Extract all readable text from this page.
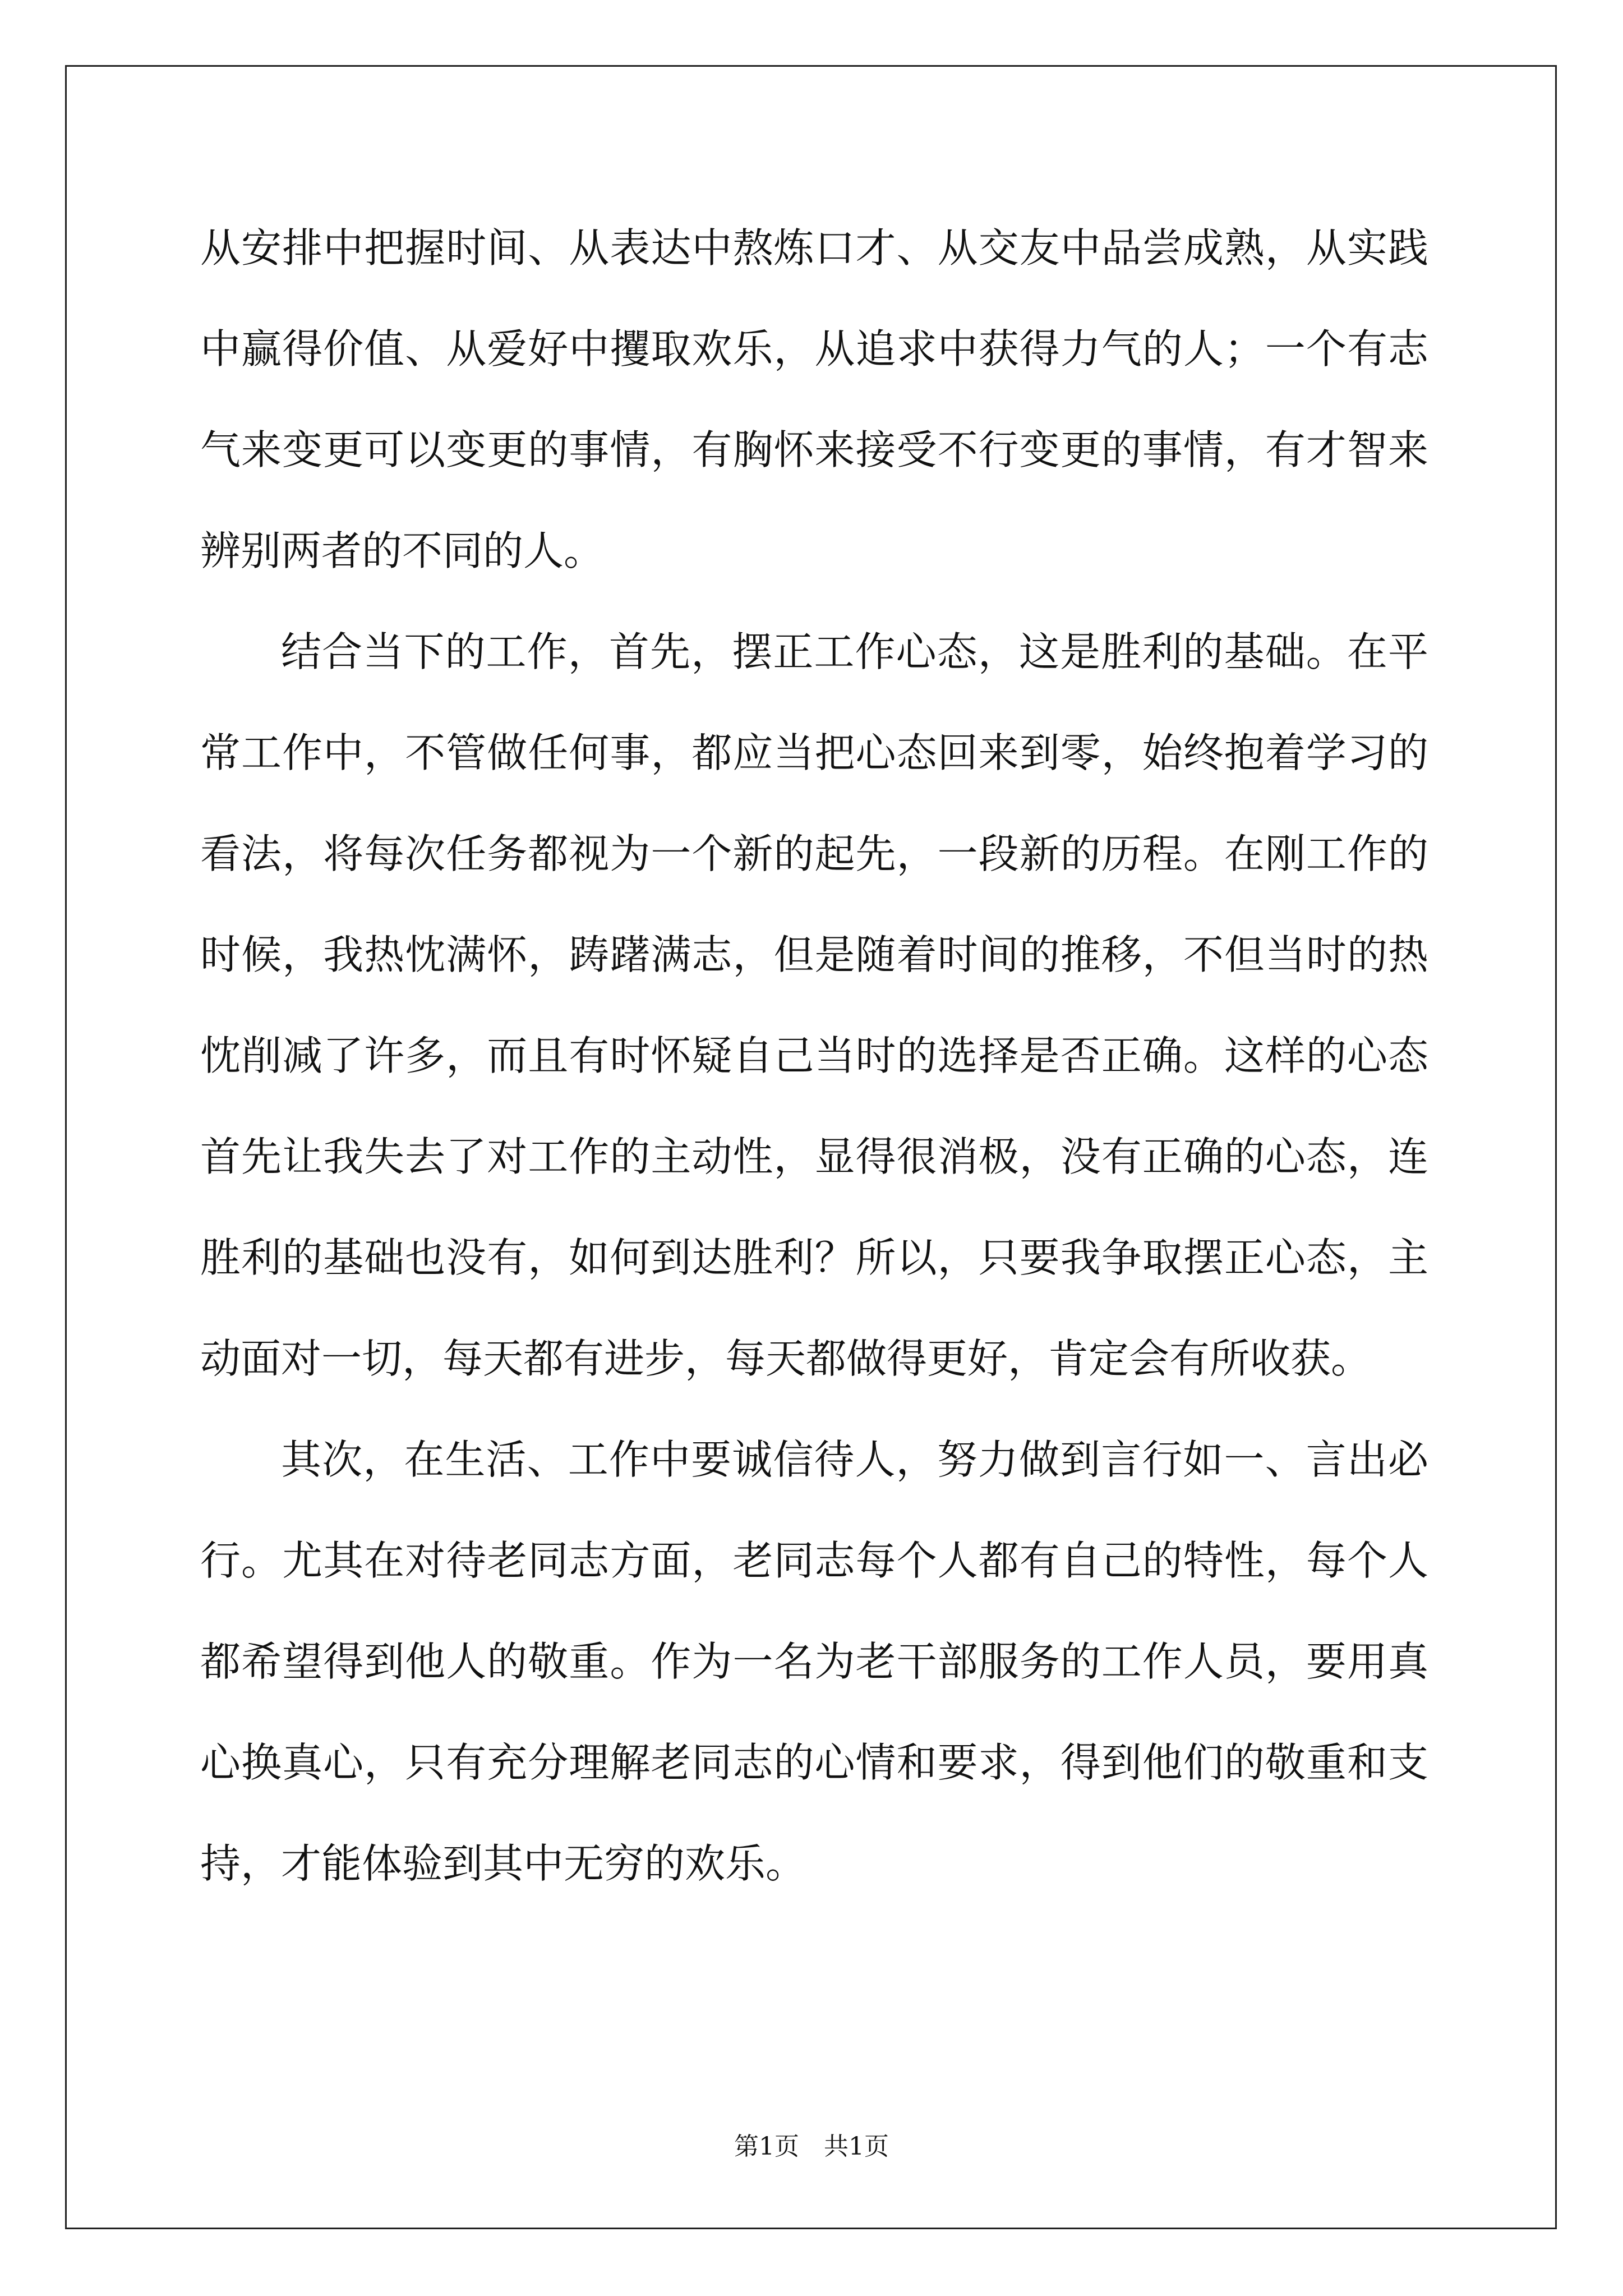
从安排中把握时间、从表达中熬炼口才、从交友中品尝成熟，从实践
中赢得价值、从爱好中攫取欢乐，从追求中获得力气的人；一个有志
气来变更可以变更的事情，有胸怀来接受不行变更的事情，有才智来
辨别两者的不同的人。
结合当下的工作，首先，摆正工作心态，这是胜利的基础。在平
常工作中，不管做任何事，都应当把心态回来到零，始终抱着学习的
看法，将每次任务都视为一个新的起先，一段新的历程。在刚工作的
时候，我热忱满怀，踌躇满志，但是随着时间的推移，不但当时的热
忱削减了许多，而且有时怀疑自己当时的选择是否正确。这样的心态
首先让我失去了对工作的主动性，显得很消极，没有正确的心态，连
胜利的基础也没有，如何到达胜利？所以，只要我争取摆正心态，主
动面对一切，每天都有进步，每天都做得更好，肯定会有所收获。
其次，在生活、工作中要诚信待人，努力做到言行如一、言出必
行。尤其在对待老同志方面，老同志每个人都有自己的特性，每个人
都希望得到他人的敬重。作为一名为老干部服务的工作人员，要用真
心换真心，只有充分理解老同志的心情和要求，得到他们的敬重和支
持，才能体验到其中无穷的欢乐。
第1页　共1页
